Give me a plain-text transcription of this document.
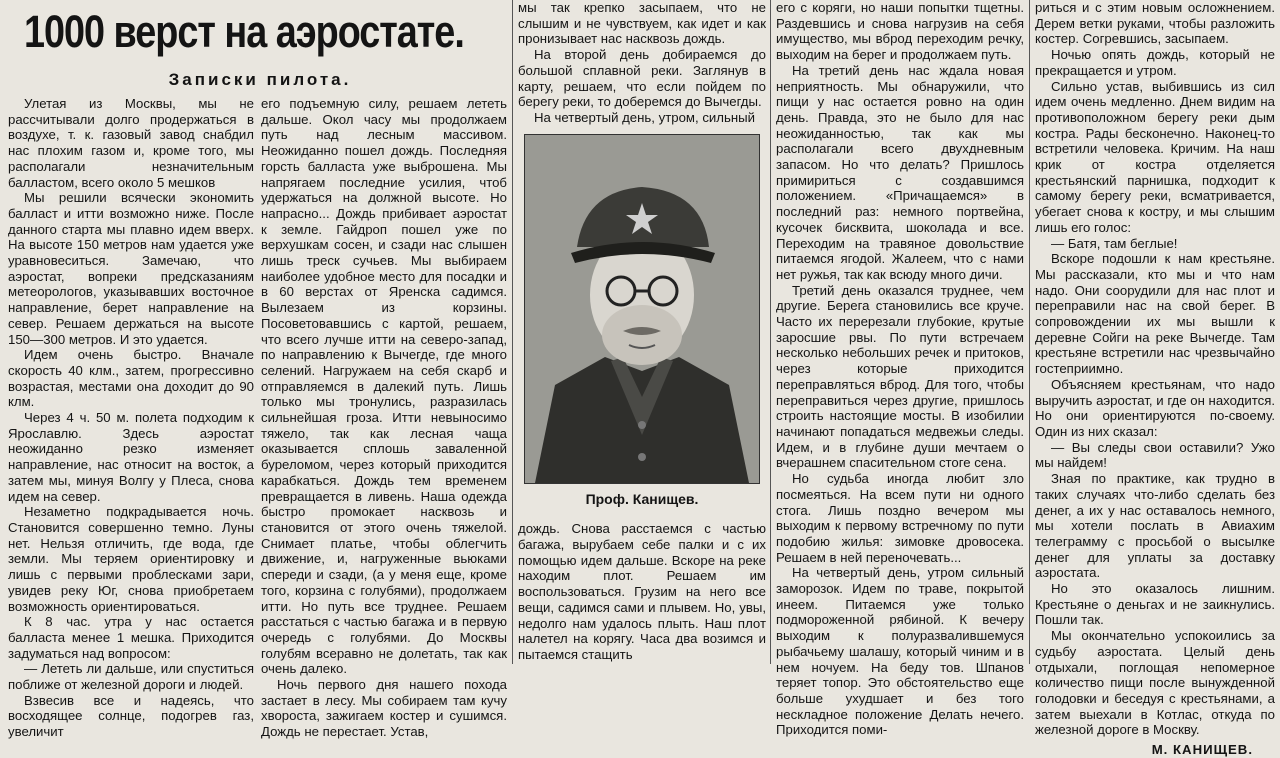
1000 верст на аэростате.
Записки пилота.

Улетая из Москвы, мы не рассчитывали долго продержаться в воздухе, т. к. газовый завод снабдил нас плохим газом и, кроме того, мы располагали незначительным балластом, всего около 5 мешков

Мы решили всячески экономить балласт и итти возможно ниже. После данного старта мы плавно идем вверх. На высоте 150 метров нам удается уже уравновеситься. Замечаю, что аэростат, вопреки предсказаниям метеорологов, указывавших восточное направление, берет направление на север. Решаем держаться на высоте 150—300 метров. И это удается.

Идем очень быстро. Вначале скорость 40 клм., затем, прогрессивно возрастая, местами она доходит до 90 клм.

Через 4 ч. 50 м. полета подходим к Ярославлю. Здесь аэростат неожиданно резко изменяет направление, нас относит на восток, а затем мы, минуя Волгу у Плеса, снова идем на север.

Незаметно подкрадывается ночь. Становится совершенно темно. Луны нет. Нельзя отличить, где вода, где земли. Мы теряем ориентировку и лишь с первыми проблесками зари, увидев реку Юг, снова приобретаем возможность ориентироваться.

К 8 час. утра у нас остается балласта менее 1 мешка. Приходится задуматься над вопросом:

— Лететь ли дальше, или спуститься поближе от железной дороги и людей.

Взвесив все и надеясь, что восходящее солнце, подогрев газ, увеличит

его подъемную силу, решаем лететь дальше. Окол часу мы продолжаем путь над лесным массивом. Неожиданно пошел дождь. Последняя горсть балласта уже выброшена. Мы напрягаем последние усилия, чтоб удержаться на должной высоте. Но напрасно... Дождь прибивает аэростат к земле. Гайдроп пошел уже по верхушкам сосен, и сзади нас слышен лишь треск сучьев. Мы выбираем наиболее удобное место для посадки и в 60 верстах от Яренска садимся. Вылезаем из корзины. Посоветовавшись с картой, решаем, что всего лучше итти на северо-запад, по направлению к Вычегде, где много селений. Нагружаем на себя скарб и отправляемся в далекий путь. Лишь только мы тронулись, разразилась сильнейшая гроза. Итти невыносимо тяжело, так как лесная чаща оказывается сплошь заваленной буреломом, через который приходится карабкаться. Дождь тем временем превращается в ливень. Наша одежда быстро промокает насквозь и становится от этого очень тяжелой. Снимает платье, чтобы облегчить движение, и, нагруженные вьюками спереди и сзади, (а у меня еще, кроме того, корзина с голубями), продолжаем итти. Но путь все труднее. Решаем расстаться с частью багажа и в первую очередь с голубями. До Москвы голубям всеравно не долетать, так как очень далеко.

Ночь первого дня нашего похода застает в лесу. Мы собираем там кучу хвороста, зажигаем костер и сушимся. Дождь не перестает. Устав,

мы так крепко засыпаем, что не слышим и не чувствуем, как идет и как пронизывает нас насквозь дождь.

На второй день добираемся до большой сплавной реки. Заглянув в карту, решаем, что если пойдем по берегу реки, то доберемся до Вычегды.

На четвертый день, утром, сильный

Проф. Канищев.

дождь. Снова расстаемся с частью багажа, вырубаем себе палки и с их помощью идем дальше. Вскоре на реке находим плот. Решаем им воспользоваться. Грузим на него все вещи, садимся сами и плывем. Но, увы, недолго нам удалось плыть. Наш плот налетел на корягу. Часа два возимся и пытаемся стащить

его с коряги, но наши попытки тщетны. Раздевшись и снова нагрузив на себя имущество, мы вброд переходим речку, выходим на берег и продолжаем путь.

На третий день нас ждала новая неприятность. Мы обнаружили, что пищи у нас остается ровно на один день. Правда, это не было для нас неожиданностью, так как мы располагали всего двухдневным запасом. Но что делать? Пришлось примириться с создавшимся положением. «Причащаемся» в последний раз: немного портвейна, кусочек бисквита, шоколада и все. Переходим на травяное довольствие питаемся ягодой. Жалеем, что с нами нет ружья, так как всюду много дичи.

Третий день оказался труднее, чем другие. Берега становились все круче. Часто их перерезали глубокие, крутые заросшие рвы. По пути встречаем несколько небольших речек и притоков, через которые приходится переправляться вброд. Для того, чтобы переправиться через другие, пришлось строить настоящие мосты. В изобилии начинают попадаться медвежьи следы. Идем, и в глубине души мечтаем о вчерашнем спасительном стоге сена.

Но судьба иногда любит зло посмеяться. На всем пути ни одного стога. Лишь поздно вечером мы выходим к первому встречному по пути подобию жилья: зимовке дровосека. Решаем в ней переночевать...

На четвертый день, утром сильный заморозок. Идем по траве, покрытой инеем. Питаемся уже только подмороженной рябиной. К вечеру выходим к полуразвалившемуся рыбачьему шалашу, который чиним и в нем ночуем. На беду тов. Шпанов теряет топор. Это обстоятельство еще больше ухудшает и без того нескладное положение Делать нечего. Приходится поми-

риться и с этим новым осложнением. Дерем ветки руками, чтобы разложить костер. Согревшись, засыпаем.

Ночью опять дождь, который не прекращается и утром.

Сильно устав, выбившись из сил идем очень медленно. Днем видим на противоположном берегу реки дым костра. Рады бесконечно. Наконец-то встретили человека. Кричим. На наш крик от костра отделяется крестьянский парнишка, подходит к самому берегу реки, всматривается, убегает снова к костру, и мы слышим лишь его голос:

— Батя, там беглые!

Вскоре подошли к нам крестьяне. Мы рассказали, кто мы и что нам надо. Они соорудили для нас плот и переправили нас на свой берег. В сопровождении их мы вышли к деревне Сойги на реке Вычегде. Там крестьяне встретили нас чрезвычайно гостеприимно.

Объясняем крестьянам, что надо выручить аэростат, и где он находится. Но они ориентируются по-своему. Один из них сказал:

— Вы следы свои оставили? Ужо мы найдем!

Зная по практике, как трудно в таких случаях что-либо сделать без денег, а их у нас оставалось немного, мы хотели послать в Авиахим телеграмму с просьбой о высылке денег для уплаты за доставку аэростата.

Но это оказалось лишним. Крестьяне о деньгах и не заикнулись. Пошли так.

Мы окончательно успокоились за судьбу аэростата. Целый день отдыхали, поглощая непомерное количество пищи после вынужденной голодовки и беседуя с крестьянами, а затем выехали в Котлас, откуда по железной дороге в Москву.

М. КАНИЩЕВ.
